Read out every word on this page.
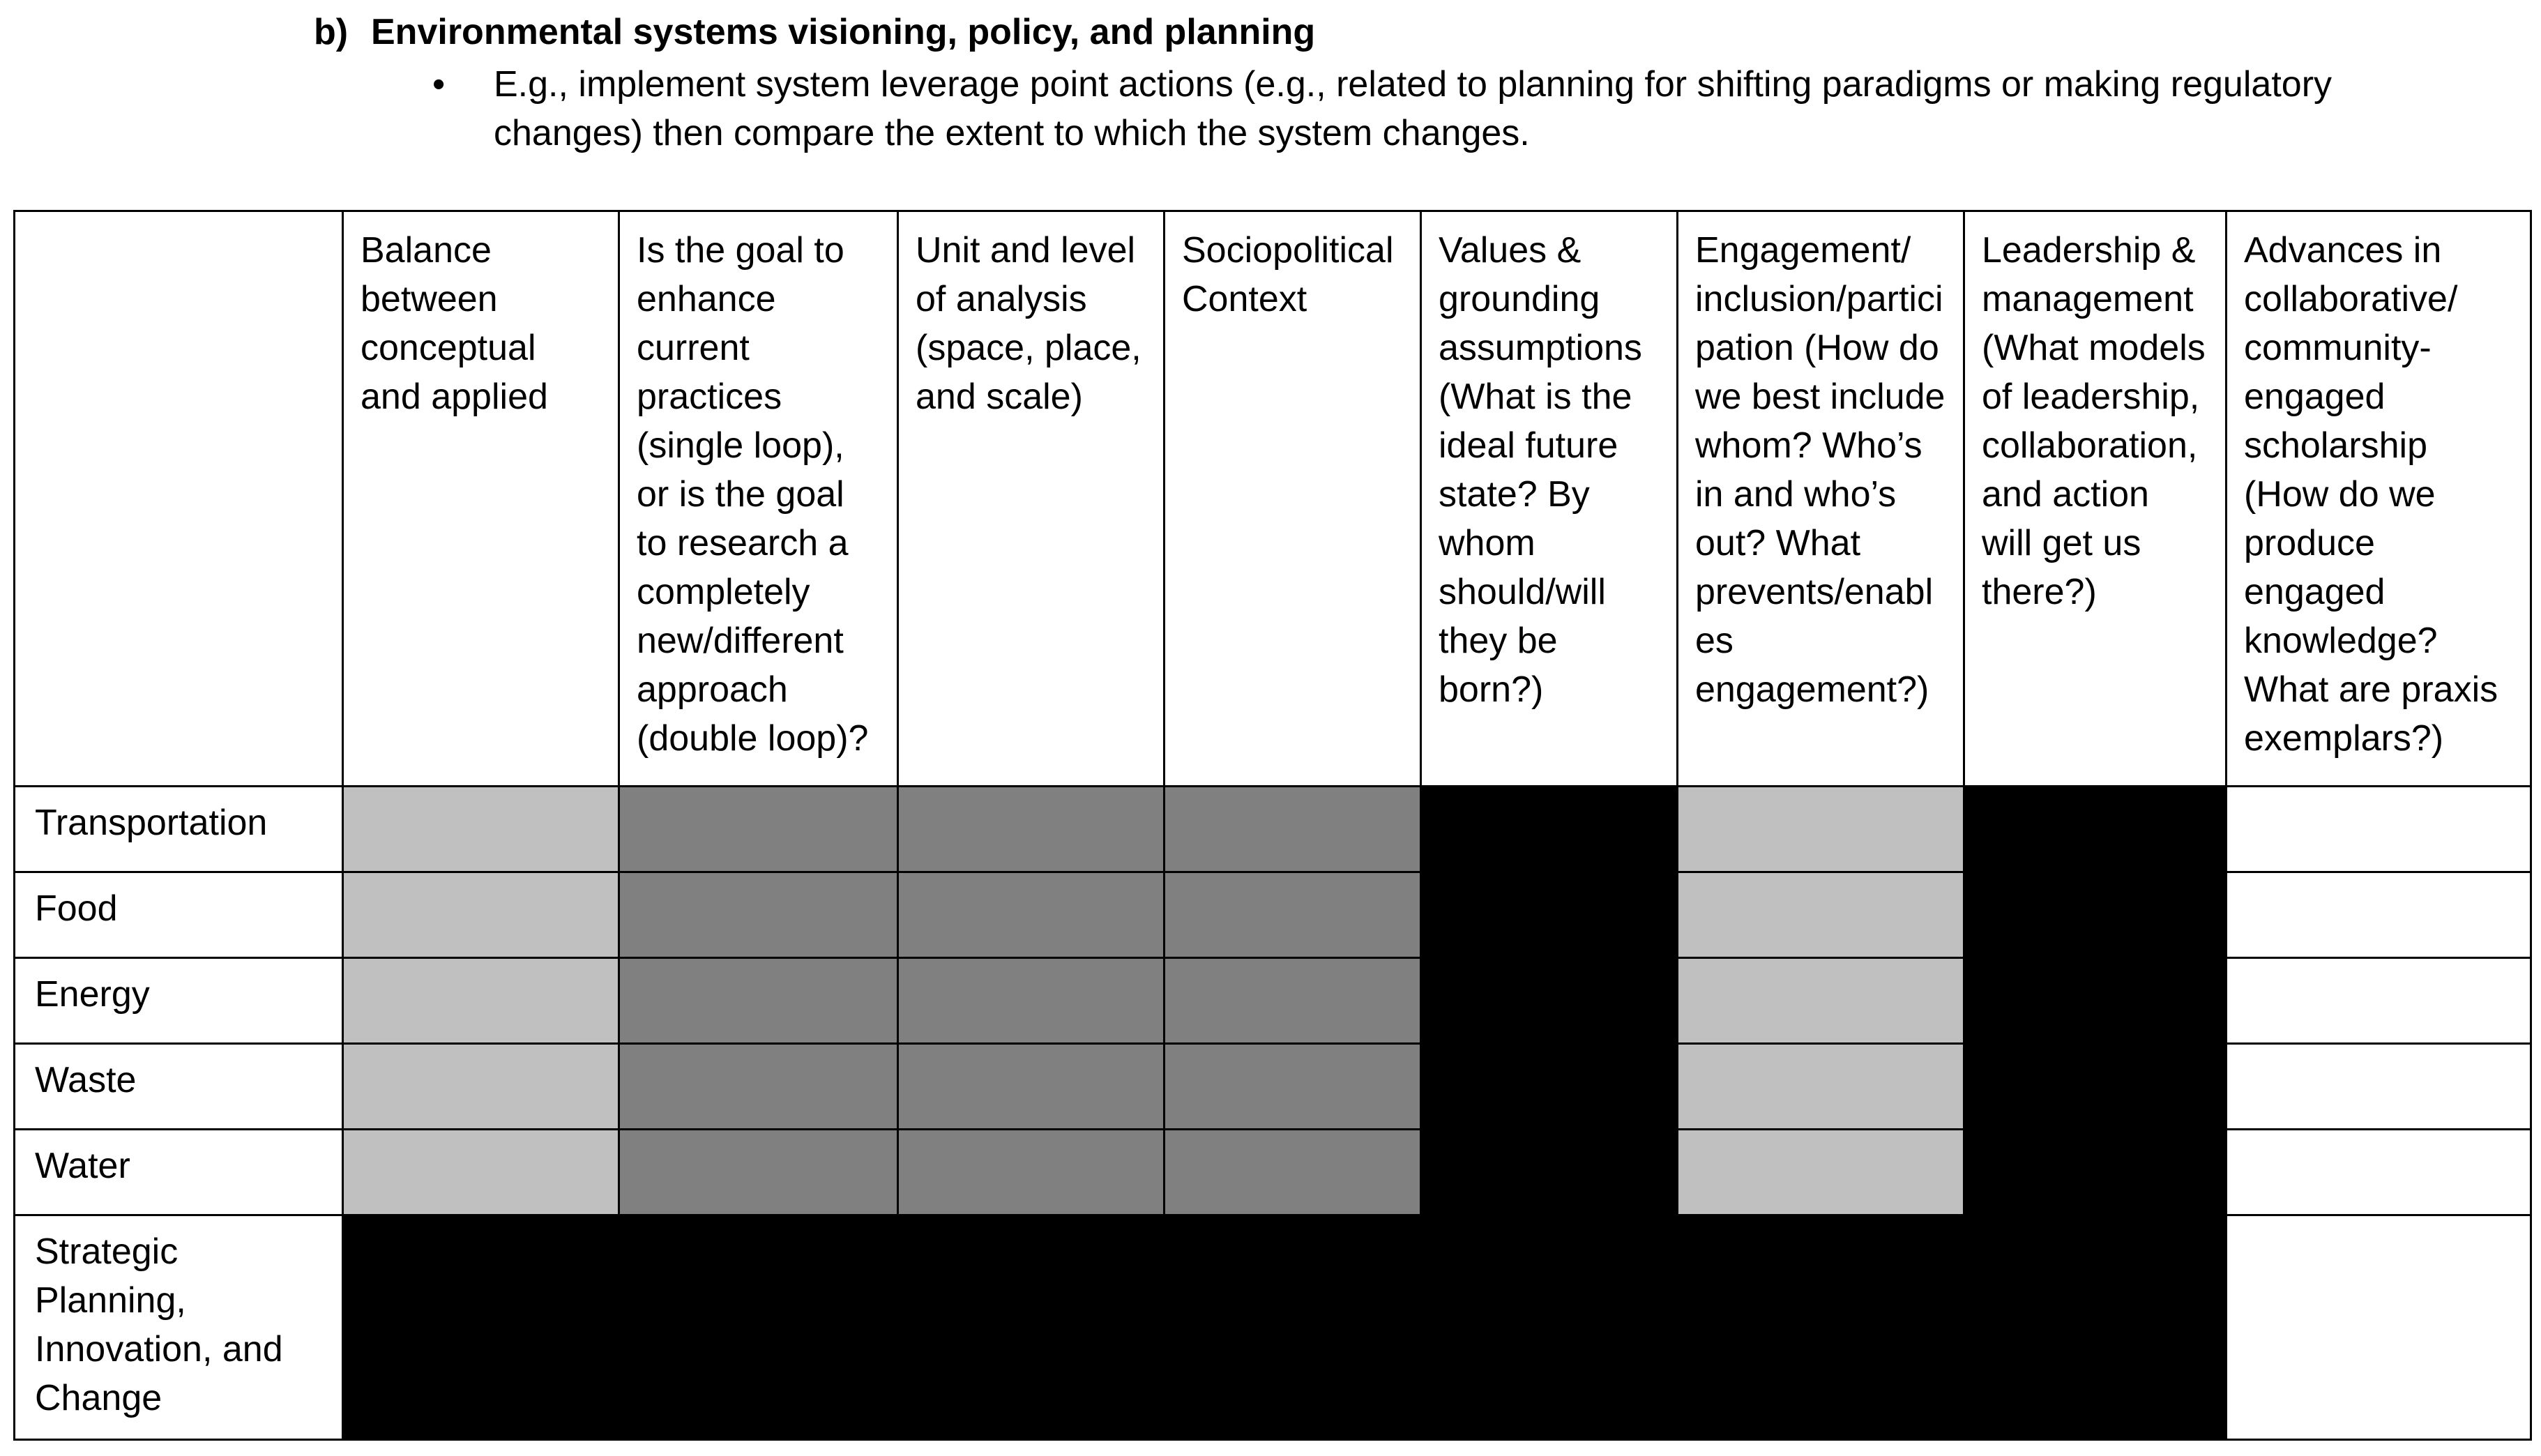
b) Environmental systems visioning, policy, and planning
• E.g., implement system leverage point actions (e.g., related to planning for shifting paradigms or making regulatory changes) then compare the extent to which the system changes.

	Balance between conceptual and applied	Is the goal to enhance current practices (single loop), or is the goal to research a completely new/different approach (double loop)?	Unit and level of analysis (space, place, and scale)	Sociopolitical Context	Values & grounding assumptions (What is the ideal future state? By whom should/will they be born?)	Engagement/ inclusion/partici pation (How do we best include whom? Who’s in and who’s out? What prevents/enabl es engagement?)	Leadership & management (What models of leadership, collaboration, and action will get us there?)	Advances in collaborative/ community-engaged scholarship (How do we produce engaged knowledge? What are praxis exemplars?)

Transportation								

Food								

Energy								

Waste								

Water								

Strategic Planning, Innovation, and Change								
